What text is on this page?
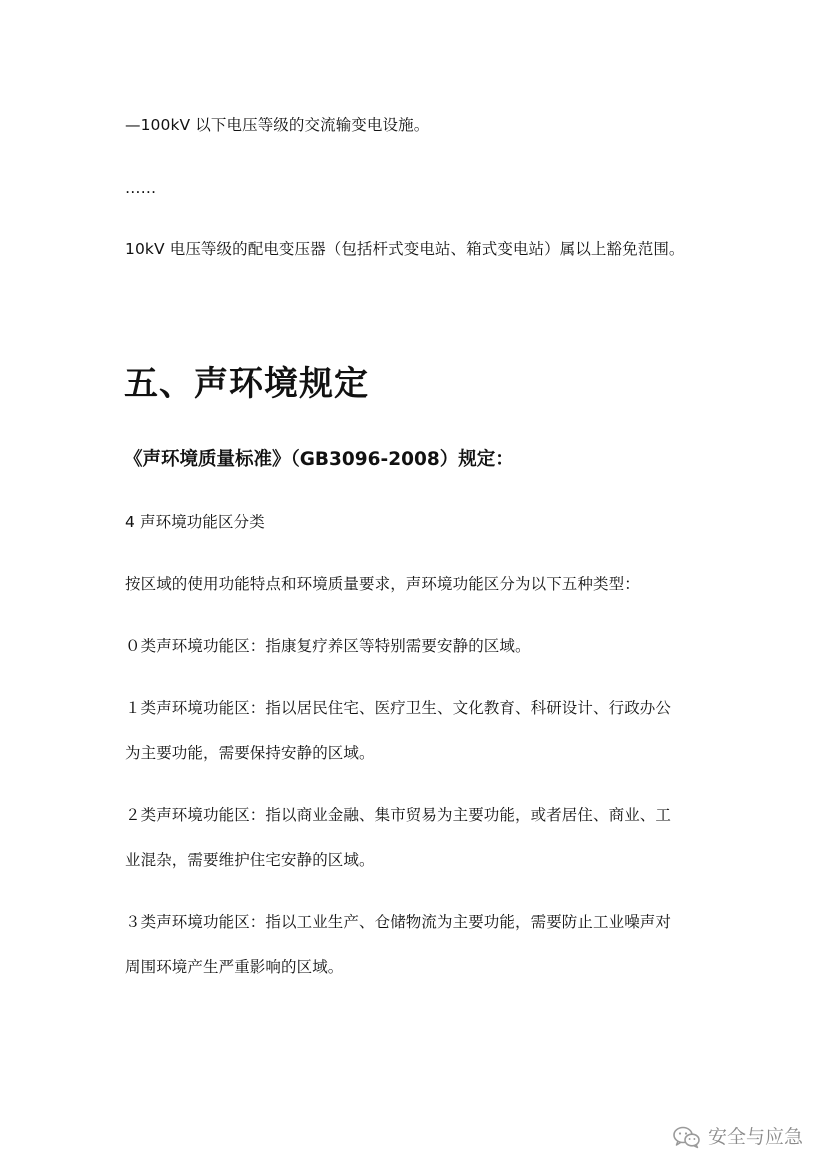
—100kV 以下电压等级的交流输变电设施。
……
10kV 电压等级的配电变压器（包括杆式变电站、箱式变电站）属以上豁免范围。
五、声环境规定
《声环境质量标准》（GB3096-2008）规定：
4 声环境功能区分类
按区域的使用功能特点和环境质量要求，声环境功能区分为以下五种类型：
０类声环境功能区：指康复疗养区等特别需要安静的区域。
１类声环境功能区：指以居民住宅、医疗卫生、文化教育、科研设计、行政办公
为主要功能，需要保持安静的区域。
２类声环境功能区：指以商业金融、集市贸易为主要功能，或者居住、商业、工
业混杂，需要维护住宅安静的区域。
３类声环境功能区：指以工业生产、仓储物流为主要功能，需要防止工业噪声对
周围环境产生严重影响的区域。
安全与应急
